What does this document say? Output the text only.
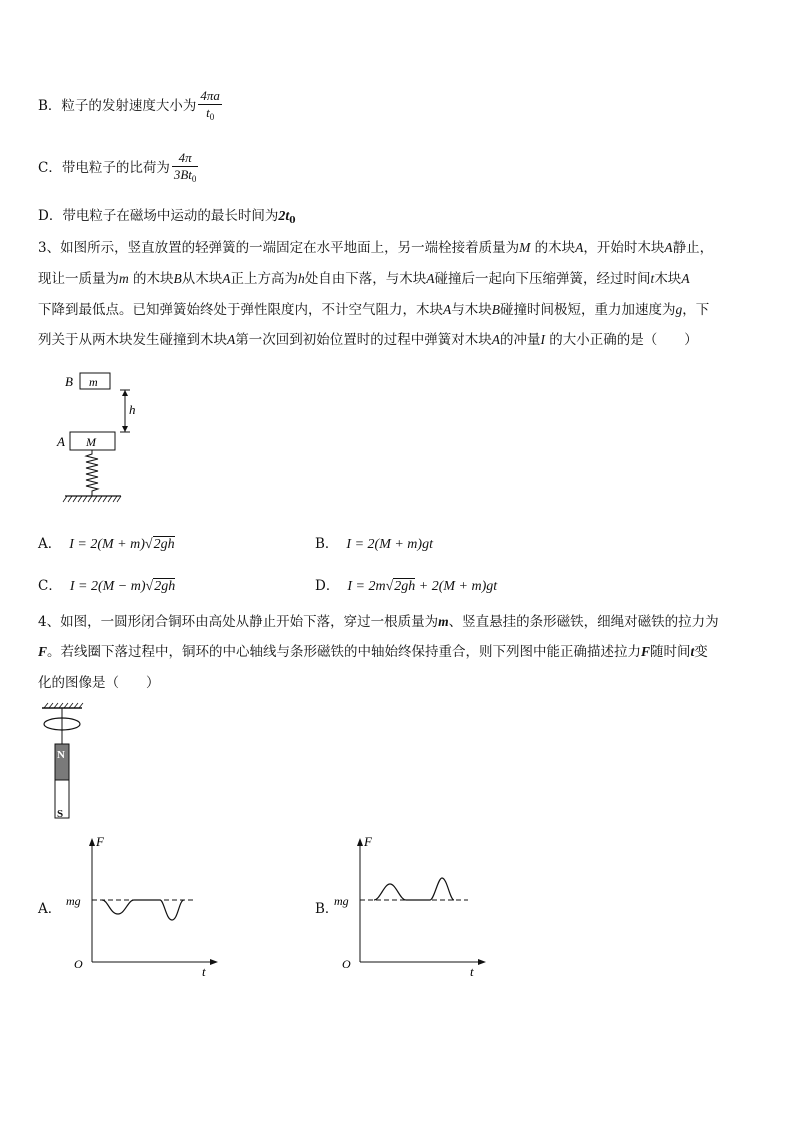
B．粒子的发射速度大小为 $\frac{4\pi a}{t_0}$
C．带电粒子的比荷为 $\frac{4\pi}{3Bt_0}$
D．带电粒子在磁场中运动的最长时间为$2t_0$
3、如图所示，竖直放置的轻弹簧的一端固定在水平地面上，另一端栓接着质量为M 的木块A，开始时木块A静止，
现让一质量为m 的木块B从木块A正上方高为h处自由下落，与木块A碰撞后一起向下压缩弹簧，经过时间t木块A
下降到最低点。已知弹簧始终处于弹性限度内，不计空气阻力，木块A与木块B碰撞时间极短，重力加速度为g，下
列关于从两木块发生碰撞到木块A第一次回到初始位置时的过程中弹簧对木块A的冲量I 的大小正确的是（　　）
B m
h
A M
A． I = 2(M + m)√2gh	B． I = 2(M + m)gt
C． I = 2(M − m)√2gh	D． I = 2m√2gh + 2(M + m)gt
4、如图，一圆形闭合铜环由高处从静止开始下落，穿过一根质量为m、竖直悬挂的条形磁铁，细绳对磁铁的拉力为
F。若线圈下落过程中，铜环的中心轴线与条形磁铁的中轴始终保持重合，则下列图中能正确描述拉力F随时间t变
化的图像是（　　）
N
S
A．
F
mg
O	t
B．
F
mg
O	t
